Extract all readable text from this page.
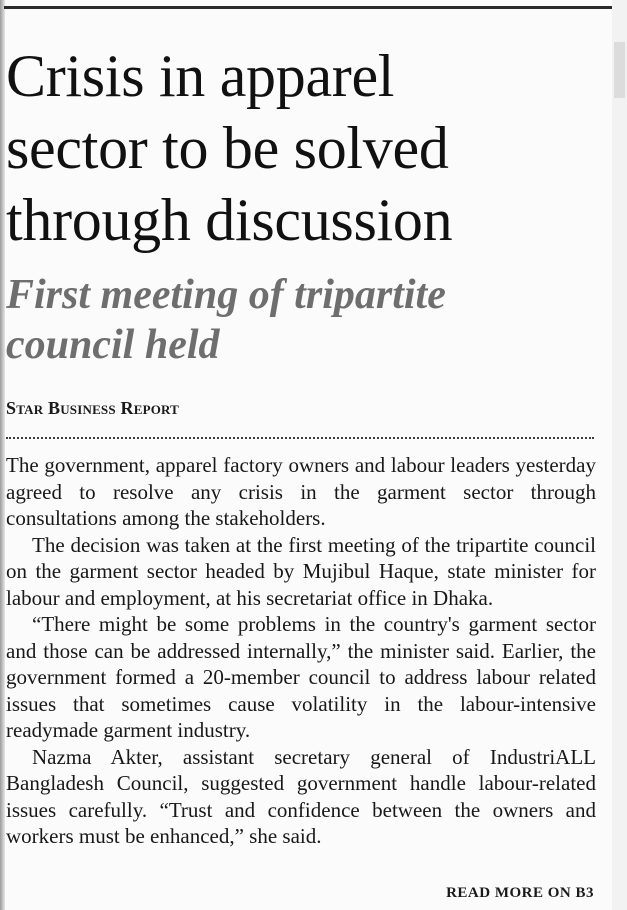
Crisis in apparel
sector to be solved
through discussion
First meeting of tripartite
council held
Star Business Report

The government, apparel factory owners and labour leaders yesterday agreed to resolve any crisis in the garment sector through consultations among the stakeholders.

The decision was taken at the first meeting of the tripartite council on the garment sector headed by Mujibul Haque, state minister for labour and employment, at his secretariat office in Dhaka.

“There might be some problems in the country's garment sector and those can be addressed internally,” the minister said. Earlier, the government formed a 20-member council to address labour related issues that sometimes cause volatility in the labour-intensive readymade garment industry.

Nazma Akter, assistant secretary general of IndustriALL Bangladesh Council, suggested government handle labour-related issues carefully. “Trust and confidence between the owners and workers must be enhanced,” she said.

READ MORE ON B3
